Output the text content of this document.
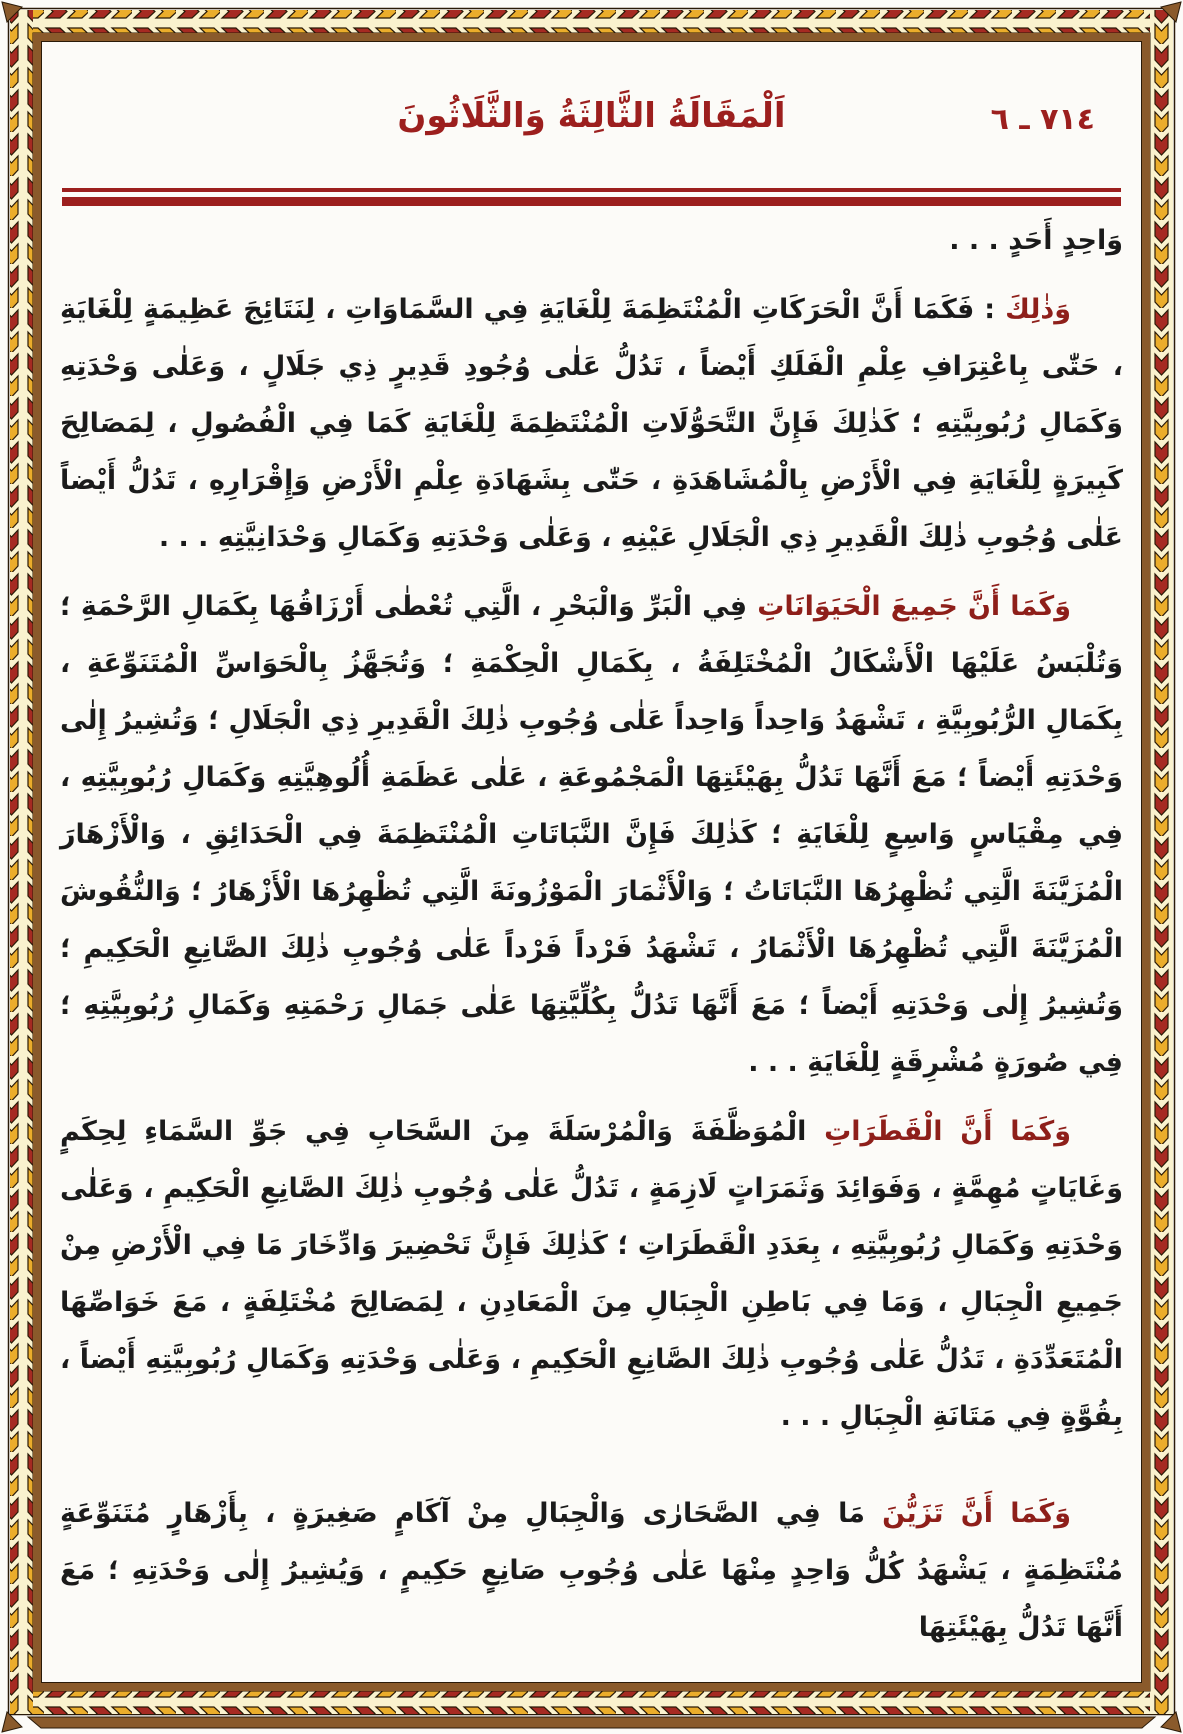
اَلْمَقَالَةُ الثَّالِثَةُ وَالثَّلَاثُونَ	٧١٤ ـ ٦

وَاحِدٍ أَحَدٍ . . .

وَذٰلِكَ : فَكَمَا أَنَّ الْحَرَكَاتِ الْمُنْتَظِمَةَ لِلْغَايَةِ فِي السَّمَاوَاتِ ، لِنَتَائِجَ عَظِيمَةٍ لِلْغَايَةِ ، حَتّٰى بِاعْتِرَافِ عِلْمِ الْفَلَكِ أَيْضاً ، تَدُلُّ عَلٰى وُجُودِ قَدِيرٍ ذِي جَلَالٍ ، وَعَلٰى وَحْدَتِهِ وَكَمَالِ رُبُوبِيَّتِهِ ؛ كَذٰلِكَ فَإِنَّ التَّحَوُّلَاتِ الْمُنْتَظِمَةَ لِلْغَايَةِ كَمَا فِي الْفُصُولِ ، لِمَصَالِحَ كَبِيرَةٍ لِلْغَايَةِ فِي الْأَرْضِ بِالْمُشَاهَدَةِ ، حَتّٰى بِشَهَادَةِ عِلْمِ الْأَرْضِ وَإِقْرَارِهِ ، تَدُلُّ أَيْضاً عَلٰى وُجُوبِ ذٰلِكَ الْقَدِيرِ ذِي الْجَلَالِ عَيْنِهِ ، وَعَلٰى وَحْدَتِهِ وَكَمَالِ وَحْدَانِيَّتِهِ . . .

وَكَمَا أَنَّ جَمِيعَ الْحَيَوَانَاتِ فِي الْبَرِّ وَالْبَحْرِ ، الَّتِي تُعْطٰى أَرْزَاقُهَا بِكَمَالِ الرَّحْمَةِ ؛ وَتُلْبَسُ عَلَيْهَا الْأَشْكَالُ الْمُخْتَلِفَةُ ، بِكَمَالِ الْحِكْمَةِ ؛ وَتُجَهَّزُ بِالْحَوَاسِّ الْمُتَنَوِّعَةِ ، بِكَمَالِ الرُّبُوبِيَّةِ ، تَشْهَدُ وَاحِداً وَاحِداً عَلٰى وُجُوبِ ذٰلِكَ الْقَدِيرِ ذِي الْجَلَالِ ؛ وَتُشِيرُ إِلٰى وَحْدَتِهِ أَيْضاً ؛ مَعَ أَنَّهَا تَدُلُّ بِهَيْئَتِهَا الْمَجْمُوعَةِ ، عَلٰى عَظَمَةِ أُلُوهِيَّتِهِ وَكَمَالِ رُبُوبِيَّتِهِ ، فِي مِقْيَاسٍ وَاسِعٍ لِلْغَايَةِ ؛ كَذٰلِكَ فَإِنَّ النَّبَاتَاتِ الْمُنْتَظِمَةَ فِي الْحَدَائِقِ ، وَالْأَزْهَارَ الْمُزَيَّنَةَ الَّتِي تُظْهِرُهَا النَّبَاتَاتُ ؛ وَالْأَثْمَارَ الْمَوْزُونَةَ الَّتِي تُظْهِرُهَا الْأَزْهَارُ ؛ وَالنُّقُوشَ الْمُزَيَّنَةَ الَّتِي تُظْهِرُهَا الْأَثْمَارُ ، تَشْهَدُ فَرْداً فَرْداً عَلٰى وُجُوبِ ذٰلِكَ الصَّانِعِ الْحَكِيمِ ؛ وَتُشِيرُ إِلٰى وَحْدَتِهِ أَيْضاً ؛ مَعَ أَنَّهَا تَدُلُّ بِكُلِّيَّتِهَا عَلٰى جَمَالِ رَحْمَتِهِ وَكَمَالِ رُبُوبِيَّتِهِ ؛ فِي صُورَةٍ مُشْرِقَةٍ لِلْغَايَةِ . . .

وَكَمَا أَنَّ الْقَطَرَاتِ الْمُوَظَّفَةَ وَالْمُرْسَلَةَ مِنَ السَّحَابِ فِي جَوِّ السَّمَاءِ لِحِكَمٍ وَغَايَاتٍ مُهِمَّةٍ ، وَفَوَائِدَ وَثَمَرَاتٍ لَازِمَةٍ ، تَدُلُّ عَلٰى وُجُوبِ ذٰلِكَ الصَّانِعِ الْحَكِيمِ ، وَعَلٰى وَحْدَتِهِ وَكَمَالِ رُبُوبِيَّتِهِ ، بِعَدَدِ الْقَطَرَاتِ ؛ كَذٰلِكَ فَإِنَّ تَحْضِيرَ وَادِّخَارَ مَا فِي الْأَرْضِ مِنْ جَمِيعِ الْجِبَالِ ، وَمَا فِي بَاطِنِ الْجِبَالِ مِنَ الْمَعَادِنِ ، لِمَصَالِحَ مُخْتَلِفَةٍ ، مَعَ خَوَاصِّهَا الْمُتَعَدِّدَةِ ، تَدُلُّ عَلٰى وُجُوبِ ذٰلِكَ الصَّانِعِ الْحَكِيمِ ، وَعَلٰى وَحْدَتِهِ وَكَمَالِ رُبُوبِيَّتِهِ أَيْضاً ، بِقُوَّةٍ فِي مَتَانَةِ الْجِبَالِ . . .

وَكَمَا أَنَّ تَزَيُّنَ مَا فِي الصَّحَارٰى وَالْجِبَالِ مِنْ آكَامٍ صَغِيرَةٍ ، بِأَزْهَارٍ مُتَنَوِّعَةٍ مُنْتَظِمَةٍ ، يَشْهَدُ كُلُّ وَاحِدٍ مِنْهَا عَلٰى وُجُوبِ صَانِعٍ حَكِيمٍ ، وَيُشِيرُ إِلٰى وَحْدَتِهِ ؛ مَعَ أَنَّهَا تَدُلُّ بِهَيْئَتِهَا
